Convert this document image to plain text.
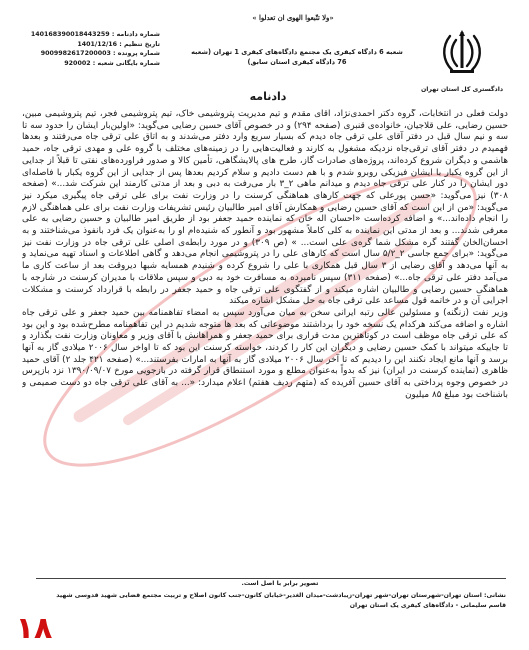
«ولا تتّبعوا الهوی ان تعدلوا »
دادگستری کل استان تهران
شماره دادنامه : 140168390018443259
تاریخ تنظیم : 1401/12/16
شماره پرونده : 9009982617200003
شماره بایگانی شعبه : 920002
شعبه 6 دادگاه کیفری یک مجتمع دادگاه‌های کیفری 1 تهران (شعبه
76 دادگاه کیفری استان سابق)
دادنامه

دولت فعلی در انتخابات، گروه دکتر احمدی‌نژاد، آقای مقدم و تیم مدیریت پتروشیمی خاک، تیم پتروشیمی فجر، تیم پتروشیمی مبین، حسین رضایی، علی قلاجیان، خانواده‌ی قنبری (صفحه ۲۹۴) و در خصوص آقای حسین رضایی می‌گوید: «اولین‌بار ایشان را حدود سه تا سه و نیم سال قبل در دفتر آقای علی ترقی جاه دیدم که بسیار سریع وارد دفتر می‌شدند و به اتاق علی ترقی جاه می‌رفتند و بعدها فهمیدم در دفتر آقای ترقی‌جاه نزدیکه مشغول به کارند و فعالیت‌هایی را در زمینه‌های مختلف با گروه علی و مهدی ترقی جاه، حمید هاشمی و دیگران شروع کرده‌اند، پروژه‌های صادرات گاز، طرح های پالایشگاهی، تأمین کالا و صدور فراورده‌های نفتی تا قبلاً از جدایی از این گروه یکبار با ایشان فیزیکی روبرو شدم و با هم دست دادیم و سلام کردیم بعدها پس از جدایی از این گروه یکبار با فاصله‌ای دور ایشان را در کنار علی ترقی جاه دیدم و میدانم ماهی ۲_۳ بار می‌رفت به دبی و بعد از مدتی کارمند این شرکت شد...» (صفحه ۳۰۸) نیز می‌گوید: «حسن پورعلی که جهت کارهای هماهنگی کرسنت را در وزارت نفت برای علی ترقی جاه پیگیری میکرد نیز می‌گوید: «من از این است که آقای حسین رضایی و همکارش آقای امیر طالبیان رئیس تشریفات وزارت نفت برای علی هماهنگی لازم را انجام داده‌اند...» و اضافه کرده‌است «احسان اله خان که نماینده حمید جعفر بود از طریق امیر طالبیان و حسین رضایی به علی معرفی شدند... و بعد از مدتی این نماینده به کلی کاملاً مشهور بود و آنطور که شنیده‌ام او را به‌عنوان یک فرد با‌نفوذ می‌شناختند و به احسان‌الخان گفتند گره مشکل شما گره‌ی علی است... » (ص ۳۰۹) و در مورد رابطه‌ی اصلی علی ترقی جاه در وزارت نفت نیز می‌گوید: «برای جمع جاسی ۲_۵/۲ سال است که کارهای علی را در پتروشیمی انجام می‌دهد و گاهی اطلاعات و اسناد تهیه می‌نماید و به آنها می‌دهد و آقای رضایی از ۳ سال قبل همکاری با علی را شروع کرده و شنیدم همسایه شبها دیروقت بعد از ساعت کاری ما می‌آمد دفتر علی ترقی جاه...» (صفحه ۳۱۱) سپس نامبرده به مسافرت خود به دبی و سپس ملاقات با مدیران کرسنت در شارجه با هماهنگی حسین رضایی و طالبیان اشاره میکند و از گفتگوی علی ترقی جاه و حمید جعفر در رابطه با قرارداد کرسنت و مشکلات اجرایی آن و در خاتمه قول مساعد علی ترقی جاه به حل مشکل اشاره میکند

وزیر نفت (زنگنه) و مسئولین عالی رتبه ایرانی سخن به میان می‌آورد سپس به امضاء تفاهمنامه بین حمید جعفر و علی ترقی جاه اشاره و اضافه می‌کند هرکدام یک نسخه خود را برداشتند موضوعاتی که بعد ها متوجه شدیم در این تفاهمنامه مطرح‌شده بود و این بود که علی ترقی جاه موظف است در کوتاهترین مدت قراری برای حمید جعفر و همراهانش با آقای وزیر و معاونان وزارت نفت بگذارد و تا جاییکه میتواند با کمک حسین رضایی و دیگران این کار را کردند، خواسته کرسنت این بود که تا اواخر سال ۲۰۰۶ میلادی گاز به آنها برسد و آنها مانع ایجاد نکنند این را دیدیم که تا آخر سال ۲۰۰۶ میلادی گاز به آنها به امارات بفرستند...» (صفحه ۴۲۱ جلد ۲) آقای حمید ظاهری (نماینده کرسنت در ایران) نیز که بدواً به‌عنوان مطلع و مورد استنطاق قرار گرفته در بازجویی مورخ ۱۳۹۰/۰۹/۰۷ نزد بازپرس در خصوص وجوه پرداختی به آقای حسین آفریده که (متهم ردیف هفتم) اعلام میدارد: «... به آقای علی ترقی جاه دو دست صمیمی و باشناخت بود مبلغ ۸۵ میلیون

تصویر برابر با اصل است.
نشانی: استان تهران-شهرستان تهران-شهر تهران-زیبادشت-میدان الغدیر-خیابان کانون-جنب کانون اصلاح و تربیت مجتمع قضایی شهید قدوسی شهید قاسم سلیمانی - دادگاه‌های کیفری یک استان تهران
۱۸
